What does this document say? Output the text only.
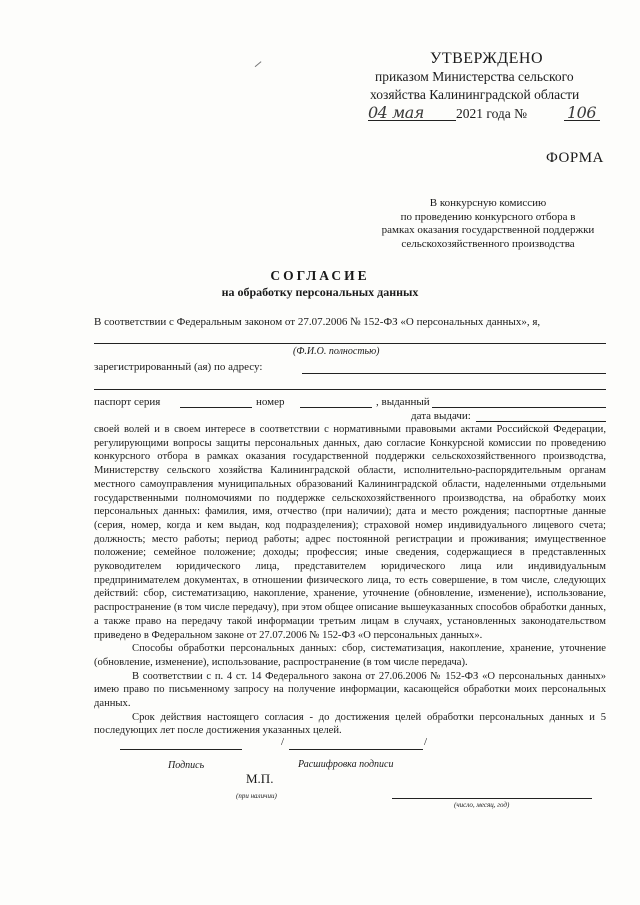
УТВЕРЖДЕНО
приказом Министерства сельского
хозяйства Калининградской области
04 мая 2021 года № 106
ФОРМА
В конкурсную комиссию
по проведению конкурсного отбора в
рамках оказания государственной поддержки
сельскохозяйственного производства
СОГЛАСИЕ
на обработку персональных данных
В соответствии с Федеральным законом от 27.07.2006 № 152-ФЗ «О персональных данных», я,
(Ф.И.О. полностью)
зарегистрированный (ая) по адресу:
паспорт серия	номер	, выданный
дата выдачи:

своей волей и в своем интересе в соответствии с нормативными правовыми актами Российской Федерации, регулирующими вопросы защиты персональных данных, даю согласие Конкурсной комиссии по проведению конкурсного отбора в рамках оказания государственной поддержки сельскохозяйственного производства, Министерству сельского хозяйства Калининградской области, исполнительно-распорядительным органам местного самоуправления муниципальных образований Калининградской области, наделенными отдельными государственными полномочиями по поддержке сельскохозяйственного производства, на обработку моих персональных данных: фамилия, имя, отчество (при наличии); дата и место рождения; паспортные данные (серия, номер, когда и кем выдан, код подразделения); страховой номер индивидуального лицевого счета; должность; место работы; период работы; адрес постоянной регистрации и проживания; имущественное положение; семейное положение; доходы; профессия; иные сведения, содержащиеся в представленных руководителем юридического лица, представителем юридического лица или индивидуальным предпринимателем документах, в отношении физического лица, то есть совершение, в том числе, следующих действий: сбор, систематизацию, накопление, хранение, уточнение (обновление, изменение), использование, распространение (в том числе передачу), при этом общее описание вышеуказанных способов обработки данных, а также право на передачу такой информации третьим лицам в случаях, установленных законодательством приведено в Федеральном законе от 27.07.2006 № 152-ФЗ «О персональных данных».

Способы обработки персональных данных: сбор, систематизация, накопление, хранение, уточнение (обновление, изменение), использование, распространение (в том числе передача).

В соответствии с п. 4 ст. 14 Федерального закона от 27.06.2006 № 152-ФЗ «О персональных данных» имею право по письменному запросу на получение информации, касающейся обработки моих персональных данных.

Срок действия настоящего согласия - до достижения целей обработки персональных данных и 5 последующих лет после достижения указанных целей.

/	/
Подпись	Расшифровка подписи
М.П.
(при наличии)
(число, месяц, год)
